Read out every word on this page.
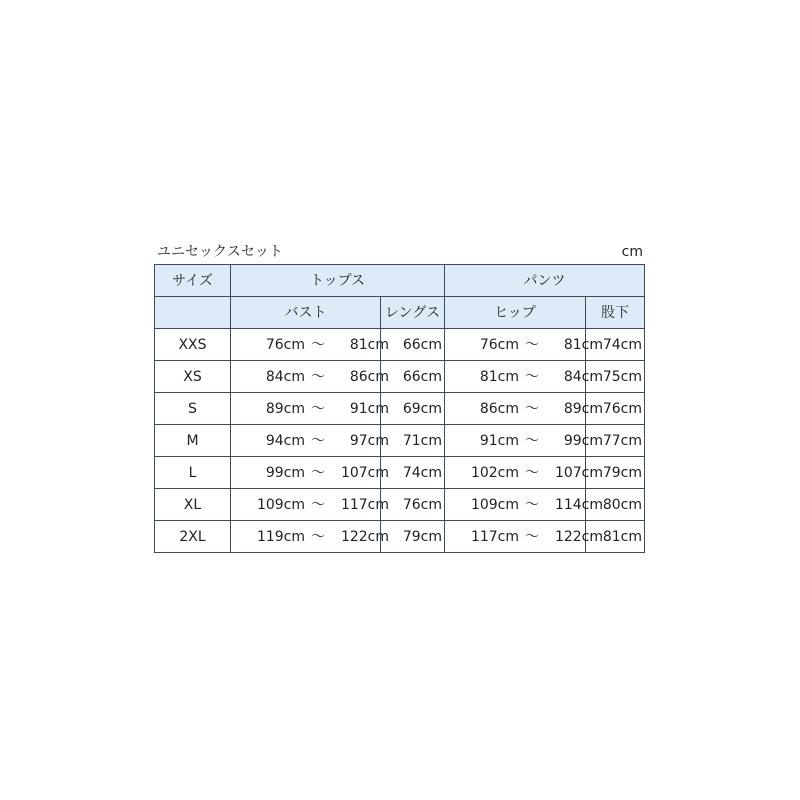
ユニセックスセット	cm
サイズ	トップス		パンツ	
	バスト	レングス	ヒップ	股下
XXS	76cm ～ 81cm	66cm	76cm ～ 81cm	74cm
XS	84cm ～ 86cm	66cm	81cm ～ 84cm	75cm
S	89cm ～ 91cm	69cm	86cm ～ 89cm	76cm
M	94cm ～ 97cm	71cm	91cm ～ 99cm	77cm
L	99cm ～ 107cm	74cm	102cm ～ 107cm	79cm
XL	109cm ～ 117cm	76cm	109cm ～ 114cm	80cm
2XL	119cm ～ 122cm	79cm	117cm ～ 122cm	81cm
